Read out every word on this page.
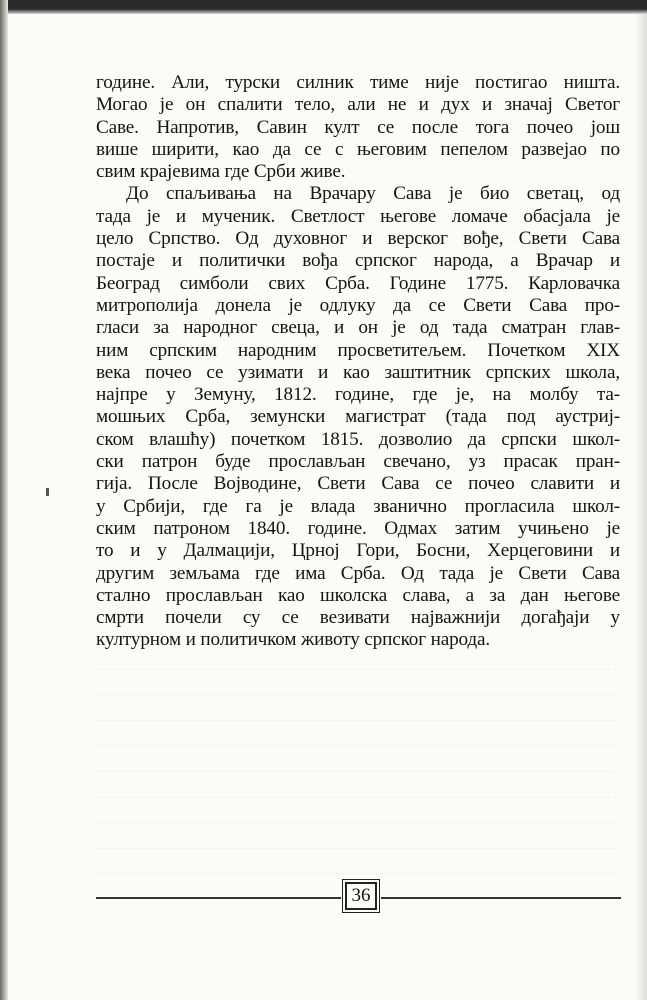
године. Али, турски силник тиме није постигао ништа.
Могао је он спалити тело, али не и дух и значај Светог
Саве. Напротив, Савин култ се после тога почео још
више ширити, као да се с његовим пепелом развејао по
свим крајевима где Срби живе.
До спаљивања на Врачару Сава је био светац, од
тада је и мученик. Светлост његове ломаче обасјала је
цело Српство. Од духовног и верског вође, Свети Сава
постаје и политички вођа српског народа, а Врачар и
Београд симболи свих Срба. Године 1775. Карловачка
митрополија донела је одлуку да се Свети Сава про-
гласи за народног свеца, и он је од тада сматран глав-
ним српским народним просветитељем. Почетком XIX
века почео се узимати и као заштитник српских школа,
најпре у Земуну, 1812. године, где је, на молбу та-
мошњих Срба, земунски магистрат (тада под аустриј-
ском влашћу) почетком 1815. дозволио да српски школ-
ски патрон буде прослављан свечано, уз прасак пран-
гија. После Војводине, Свети Сава се почео славити и
у Србији, где га је влада званично прогласила школ-
ским патроном 1840. године. Одмах затим учињено је
то и у Далмацији, Црној Гори, Босни, Херцеговини и
другим земљама где има Срба. Од тада је Свети Сава
стално прослављан као школска слава, а за дан његове
смрти почели су се везивати најважнији догађаји у
културном и политичком животу српског народа.
36
